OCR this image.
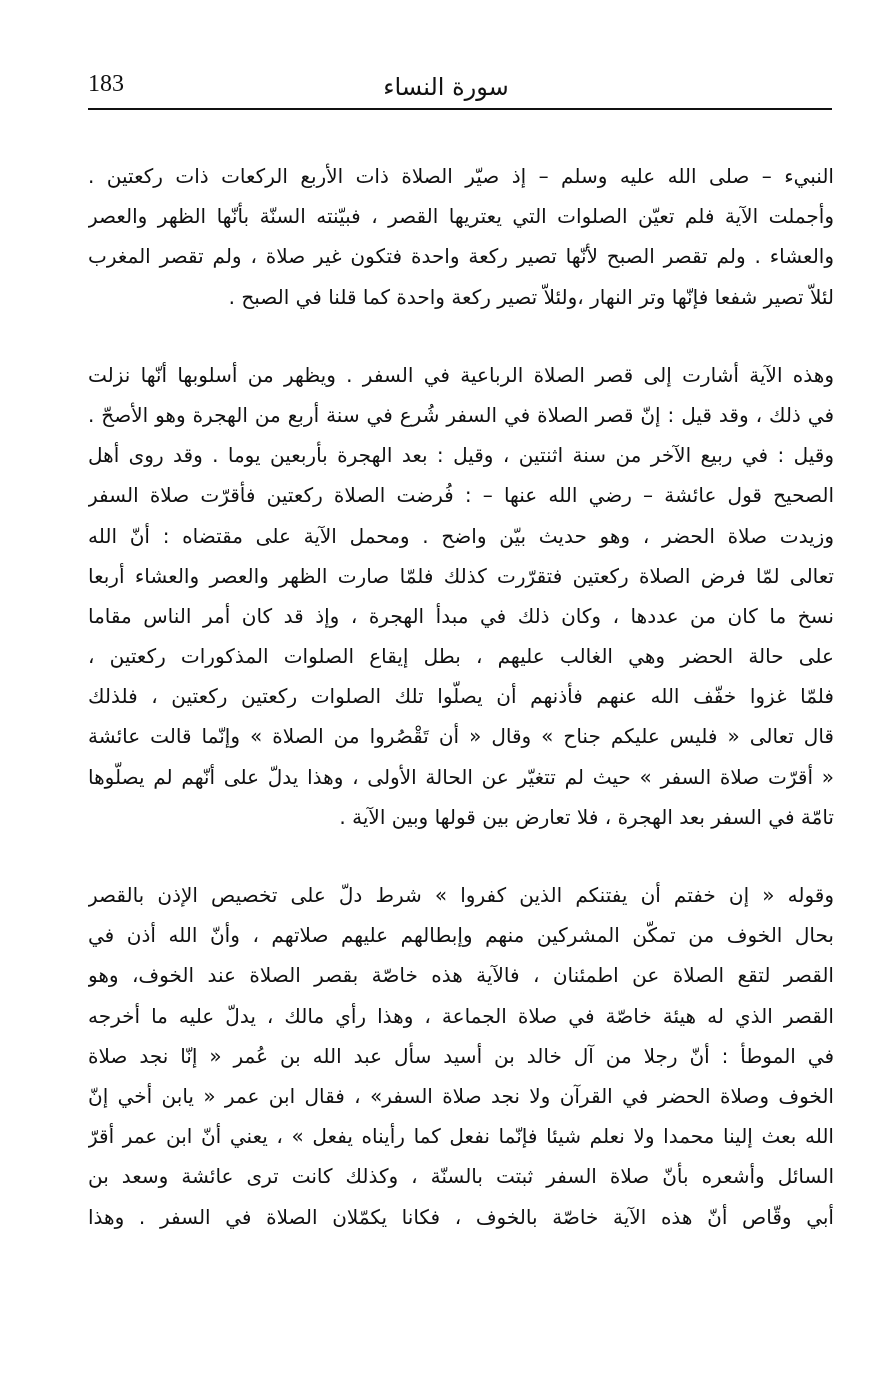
183	سورة النساء
النبيء – صلى الله عليه وسلم – إذ صيّر الصلاة ذات الأربع الركعات ذات ركعتين .
وأجملت الآية فلم تعيّن الصلوات التي يعتريها القصر ، فبيّنته السنّة بأنّها الظهر والعصر
والعشاء . ولم تقصر الصبح لأنّها تصير ركعة واحدة فتكون غير صلاة ، ولم تقصر المغرب
لئلاّ تصير شفعا فإنّها وتر النهار ،ولئلاّ تصير ركعة واحدة كما قلنا في الصبح .
وهذه الآية أشارت إلى قصر الصلاة الرباعية في السفر . ويظهر من أسلوبها أنّها نزلت
في ذلك ، وقد قيل : إنّ قصر الصلاة في السفر شُرع في سنة أربع من الهجرة وهو الأصحّ .
وقيل : في ربيع الآخر من سنة اثنتين ، وقيل : بعد الهجرة بأربعين يوما . وقد روى أهل
الصحيح قول عائشة – رضي الله عنها – : فُرضت الصلاة ركعتين فأقرّت صلاة السفر
وزيدت صلاة الحضر ، وهو حديث بيّن واضح . ومحمل الآية على مقتضاه : أنّ الله
تعالى لمّا فرض الصلاة ركعتين فتقرّرت كذلك فلمّا صارت الظهر والعصر والعشاء أربعا
نسخ ما كان من عددها ، وكان ذلك في مبدأ الهجرة ، وإذ قد كان أمر الناس مقاما
على حالة الحضر وهي الغالب عليهم ، بطل إيقاع الصلوات المذكورات ركعتين ،
فلمّا غزوا خفّف الله عنهم فأذنهم أن يصلّوا تلك الصلوات ركعتين ركعتين ، فلذلك
قال تعالى « فليس عليكم جناح » وقال « أن تَقْصُروا من الصلاة » وإنّما قالت عائشة
« أقرّت صلاة السفر » حيث لم تتغيّر عن الحالة الأولى ، وهذا يدلّ على أنّهم لم يصلّوها
تامّة في السفر بعد الهجرة ، فلا تعارض بين قولها وبين الآية .
وقوله « إن خفتم أن يفتنكم الذين كفروا » شرط دلّ على تخصيص الإذن بالقصر
بحال الخوف من تمكّن المشركين منهم وإبطالهم عليهم صلاتهم ، وأنّ الله أذن في
القصر لتقع الصلاة عن اطمئنان ، فالآية هذه خاصّة بقصر الصلاة عند الخوف، وهو
القصر الذي له هيئة خاصّة في صلاة الجماعة ، وهذا رأي مالك ، يدلّ عليه ما أخرجه
في الموطأ : أنّ رجلا من آل خالد بن أسيد سأل عبد الله بن عُمر « إنّا نجد صلاة
الخوف وصلاة الحضر في القرآن ولا نجد صلاة السفر» ، فقال ابن عمر « يابن أخي إنّ
الله بعث إلينا محمدا ولا نعلم شيئا فإنّما نفعل كما رأيناه يفعل » ، يعني أنّ ابن عمر أقرّ
السائل وأشعره بأنّ صلاة السفر ثبتت بالسنّة ، وكذلك كانت ترى عائشة وسعد بن
أبي وقّاص أنّ هذه الآية خاصّة بالخوف ، فكانا يكمّلان الصلاة في السفر . وهذا
